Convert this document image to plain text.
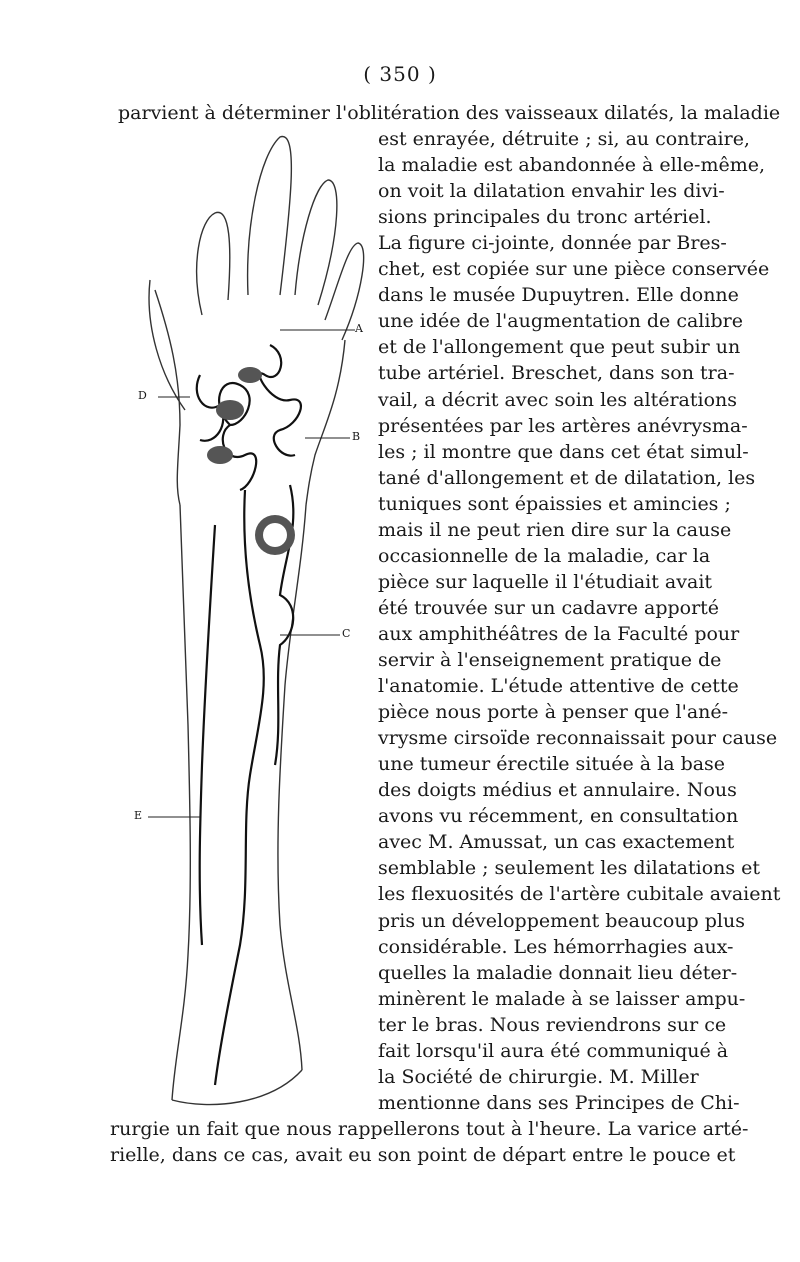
( 350 )
parvient à déterminer l'oblitération des vaisseaux dilatés, la maladie
est enrayée, détruite ; si, au contraire,
la maladie est abandonnée à elle-même,
on voit la dilatation envahir les divi-
sions principales du tronc artériel.
La figure ci-jointe, donnée par Bres-
chet, est copiée sur une pièce conservée
dans le musée Dupuytren. Elle donne
une idée de l'augmentation de calibre
et de l'allongement que peut subir un
tube artériel. Breschet, dans son tra-
vail, a décrit avec soin les altérations
présentées par les artères anévrysma-
les ; il montre que dans cet état simul-
tané d'allongement et de dilatation, les
tuniques sont épaissies et amincies ;
mais il ne peut rien dire sur la cause
occasionnelle de la maladie, car la
pièce sur laquelle il l'étudiait avait
été trouvée sur un cadavre apporté
aux amphithéâtres de la Faculté pour
servir à l'enseignement pratique de
l'anatomie. L'étude attentive de cette
pièce nous porte à penser que l'ané-
vrysme cirsoïde reconnaissait pour cause
une tumeur érectile située à la base
des doigts médius et annulaire. Nous
avons vu récemment, en consultation
avec M. Amussat, un cas exactement
semblable ; seulement les dilatations et
les flexuosités de l'artère cubitale avaient
pris un développement beaucoup plus
considérable. Les hémorrhagies aux-
quelles la maladie donnait lieu déter-
minèrent le malade à se laisser ampu-
ter le bras. Nous reviendrons sur ce
fait lorsqu'il aura été communiqué à
la Société de chirurgie. M. Miller
mentionne dans ses Principes de Chi-
A
B
C
D
E
rurgie un fait que nous rappellerons tout à l'heure. La varice arté-
rielle, dans ce cas, avait eu son point de départ entre le pouce et
